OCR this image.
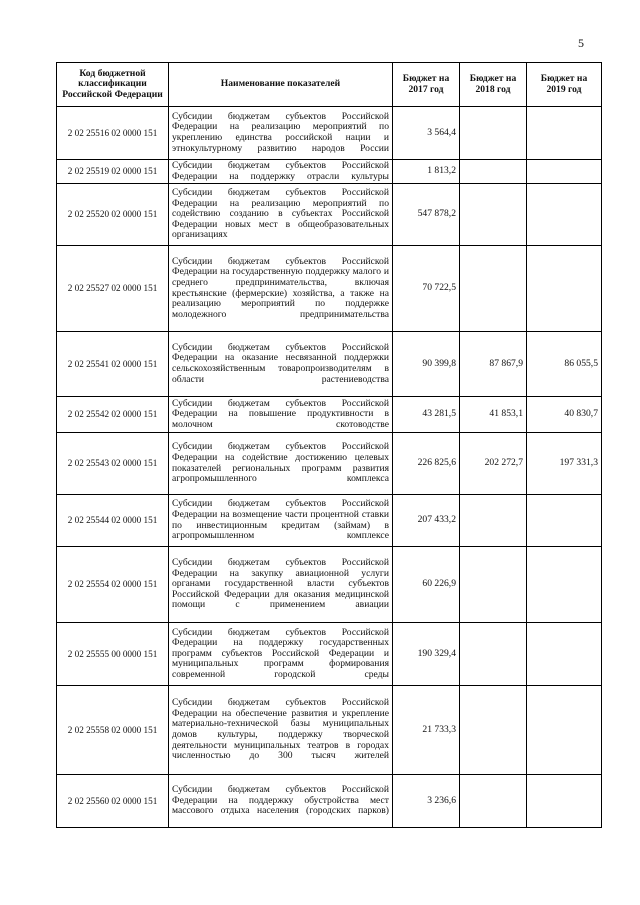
5
Код бюджетной классификации Российской Федерации	Наименование показателей	Бюджет на 2017 год	Бюджет на 2018 год	Бюджет на 2019 год
2 02 25516 02 0000 151	Субсидии бюджетам субъектов Российской Федерации на реализацию мероприятий по укреплению единства российской нации и этнокультурному развитию народов России	3 564,4		
2 02 25519 02 0000 151	Субсидии бюджетам субъектов Российской Федерации на поддержку отрасли культуры	1 813,2		
2 02 25520 02 0000 151	Субсидии бюджетам субъектов Российской Федерации на реализацию мероприятий по содействию созданию в субъектах Российской Федерации новых мест в общеобразовательных организациях	547 878,2		
2 02 25527 02 0000 151	Субсидии бюджетам субъектов Российской Федерации на государственную поддержку малого и среднего предпринимательства, включая крестьянские (фермерские) хозяйства, а также на реализацию мероприятий по поддержке молодежного предпринимательства	70 722,5		
2 02 25541 02 0000 151	Субсидии бюджетам субъектов Российской Федерации на оказание несвязанной поддержки сельскохозяйственным товаропроизводителям в области растениеводства	90 399,8	87 867,9	86 055,5
2 02 25542 02 0000 151	Субсидии бюджетам субъектов Российской Федерации на повышение продуктивности в молочном скотоводстве	43 281,5	41 853,1	40 830,7
2 02 25543 02 0000 151	Субсидии бюджетам субъектов Российской Федерации на содействие достижению целевых показателей региональных программ развития агропромышленного комплекса	226 825,6	202 272,7	197 331,3
2 02 25544 02 0000 151	Субсидии бюджетам субъектов Российской Федерации на возмещение части процентной ставки по инвестиционным кредитам (займам) в агропромышленном комплексе	207 433,2		
2 02 25554 02 0000 151	Субсидии бюджетам субъектов Российской Федерации на закупку авиационной услуги органами государственной власти субъектов Российской Федерации для оказания медицинской помощи с применением авиации	60 226,9		
2 02 25555 00 0000 151	Субсидии бюджетам субъектов Российской Федерации на поддержку государственных программ субъектов Российской Федерации и муниципальных программ формирования современной городской среды	190 329,4		
2 02 25558 02 0000 151	Субсидии бюджетам субъектов Российской Федерации на обеспечение развития и укрепление материально-технической базы муниципальных домов культуры, поддержку творческой деятельности муниципальных театров в городах численностью до 300 тысяч жителей	21 733,3		
2 02 25560 02 0000 151	Субсидии бюджетам субъектов Российской Федерации на поддержку обустройства мест массового отдыха населения (городских парков)	3 236,6		
